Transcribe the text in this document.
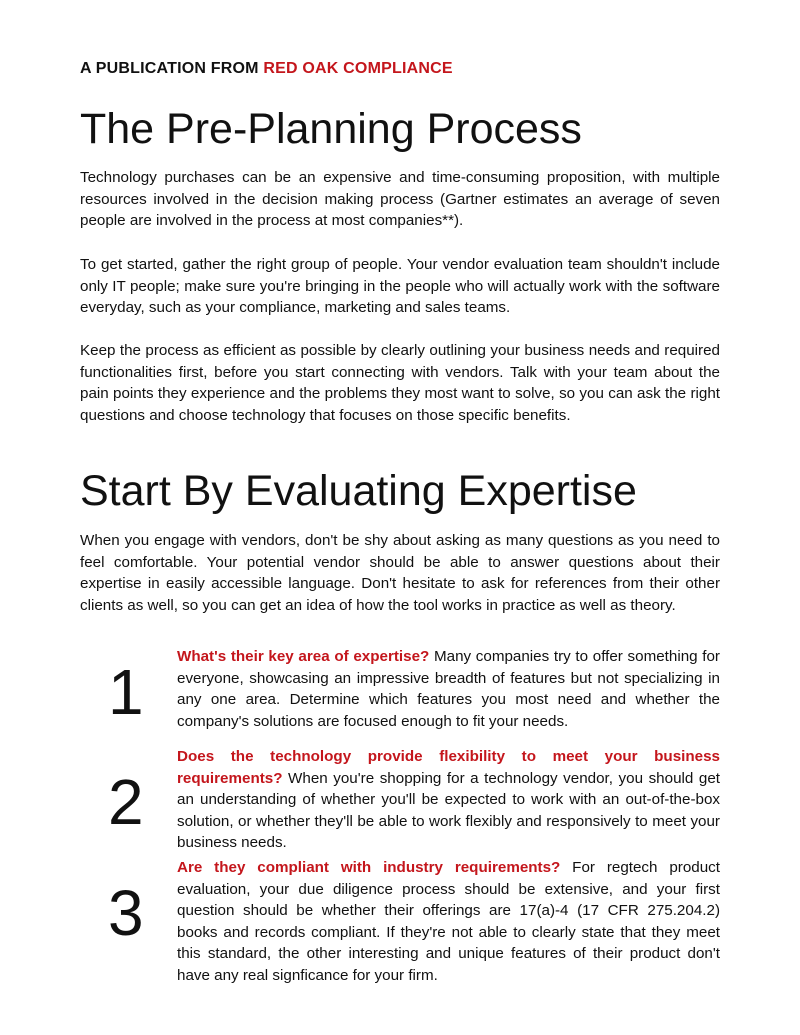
A PUBLICATION FROM RED OAK COMPLIANCE
The Pre-Planning Process

Technology purchases can be an expensive and time-consuming proposition, with multiple resources involved in the decision making process (Gartner estimates an average of seven people are involved in the process at most companies**).

To get started, gather the right group of people. Your vendor evaluation team shouldn't include only IT people; make sure you're bringing in the people who will actually work with the software everyday, such as your compliance, marketing and sales teams.

Keep the process as efficient as possible by clearly outlining your business needs and required functionalities first, before you start connecting with vendors. Talk with your team about the pain points they experience and the problems they most want to solve, so you can ask the right questions and choose technology that focuses on those specific benefits.

Start By Evaluating Expertise

When you engage with vendors, don't be shy about asking as many questions as you need to feel comfortable. Your potential vendor should be able to answer questions about their expertise in easily accessible language. Don't hesitate to ask for references from their other clients as well, so you can get an idea of how the tool works in practice as well as theory.

1 What's their key area of expertise? Many companies try to offer something for everyone, showcasing an impressive breadth of features but not specializing in any one area. Determine which features you most need and whether the company's solutions are focused enough to fit your needs.
2
Does the technology provide flexibility to meet your business requirements? When you're shopping for a technology vendor, you should get an understanding of whether you'll be expected to work with an out-of-the-box solution, or whether they'll be able to work flexibly and responsively to meet your business needs.
3
Are they compliant with industry requirements? For regtech product evaluation, your due diligence process should be extensive, and your first question should be whether their offerings are 17(a)-4 (17 CFR 275.204.2) books and records compliant. If they're not able to clearly state that they meet this standard, the other interesting and unique features of their product don't have any real signficance for your firm.
